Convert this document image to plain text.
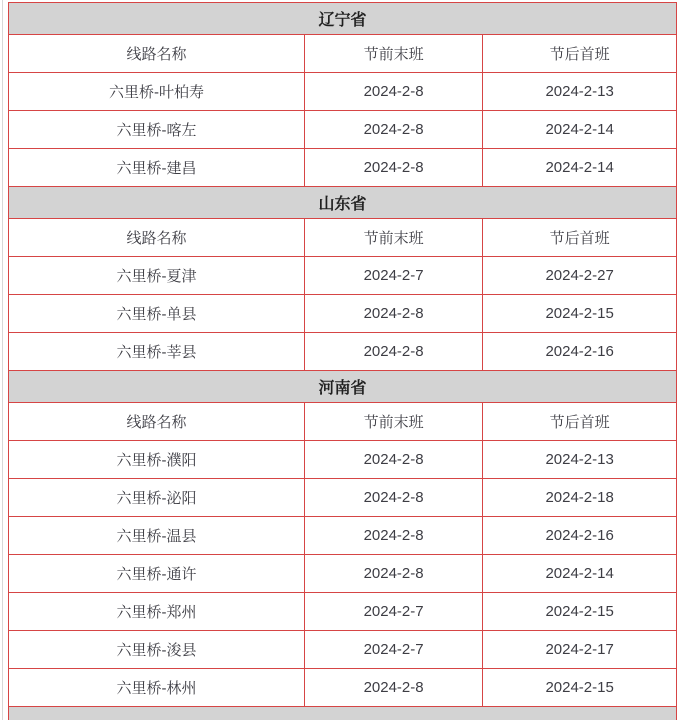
辽宁省		
线路名称	节前末班	节后首班
六里桥-叶柏寿	2024-2-8	2024-2-13
六里桥-喀左	2024-2-8	2024-2-14
六里桥-建昌	2024-2-8	2024-2-14
山东省		
线路名称	节前末班	节后首班
六里桥-夏津	2024-2-7	2024-2-27
六里桥-单县	2024-2-8	2024-2-15
六里桥-莘县	2024-2-8	2024-2-16
河南省		
线路名称	节前末班	节后首班
六里桥-濮阳	2024-2-8	2024-2-13
六里桥-泌阳	2024-2-8	2024-2-18
六里桥-温县	2024-2-8	2024-2-16
六里桥-通许	2024-2-8	2024-2-14
六里桥-郑州	2024-2-7	2024-2-15
六里桥-浚县	2024-2-7	2024-2-17
六里桥-林州	2024-2-8	2024-2-15
